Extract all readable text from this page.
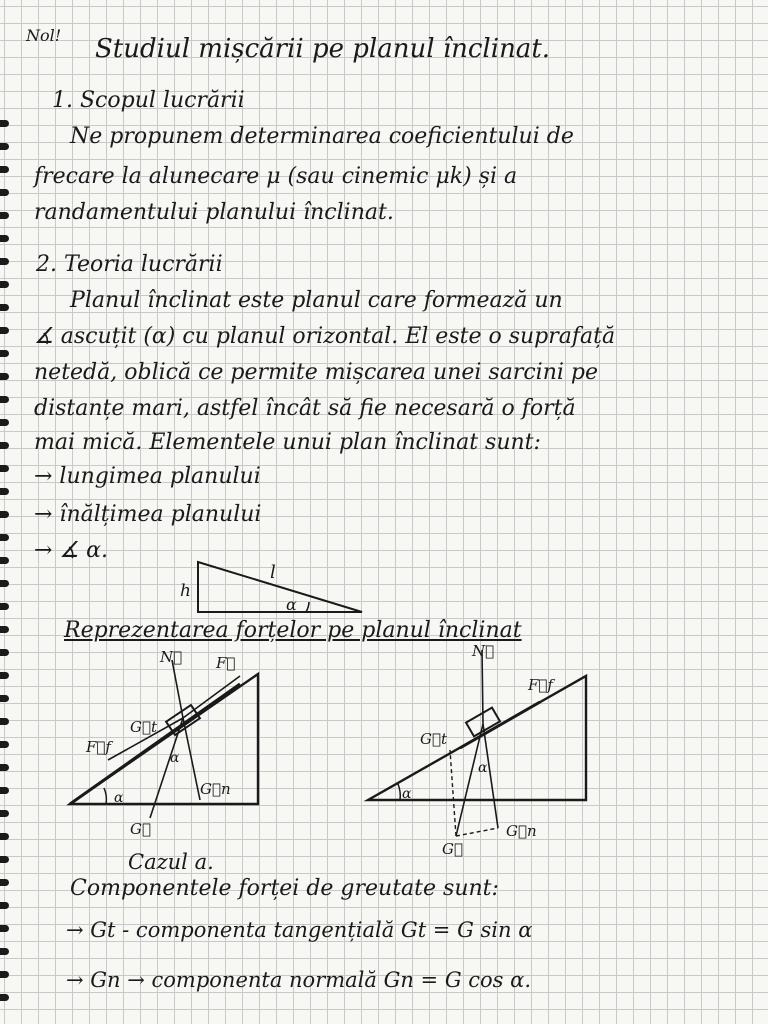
Nol! Studiul mișcării pe planul înclinat.
1. Scopul lucrării
Ne propunem determinarea coeficientului de
frecare la alunecare μ (sau cinemic μk) și a
randamentului planului înclinat.
2. Teoria lucrării
Planul înclinat este planul care formează un
∡ ascuțit (α) cu planul orizontal. El este o suprafață
netedă, oblică ce permite mișcarea unei sarcini pe
distanțe mari, astfel încât să fie necesară o forță
mai mică. Elementele unui plan înclinat sunt:
→ lungimea planului
→ înălțimea planului
→ ∡ α.
h
l
α
Reprezentarea forțelor pe planul înclinat
N⃗ F⃗
F⃗f
G⃗t
G⃗n
G⃗
α
α
N⃗
F⃗f
G⃗t
G⃗n
G⃗
α
α
Cazul a.
Componentele forței de greutate sunt:
→ Gt - componenta tangențială Gt = G sin α
→ Gn → componenta normală Gn = G cos α.
